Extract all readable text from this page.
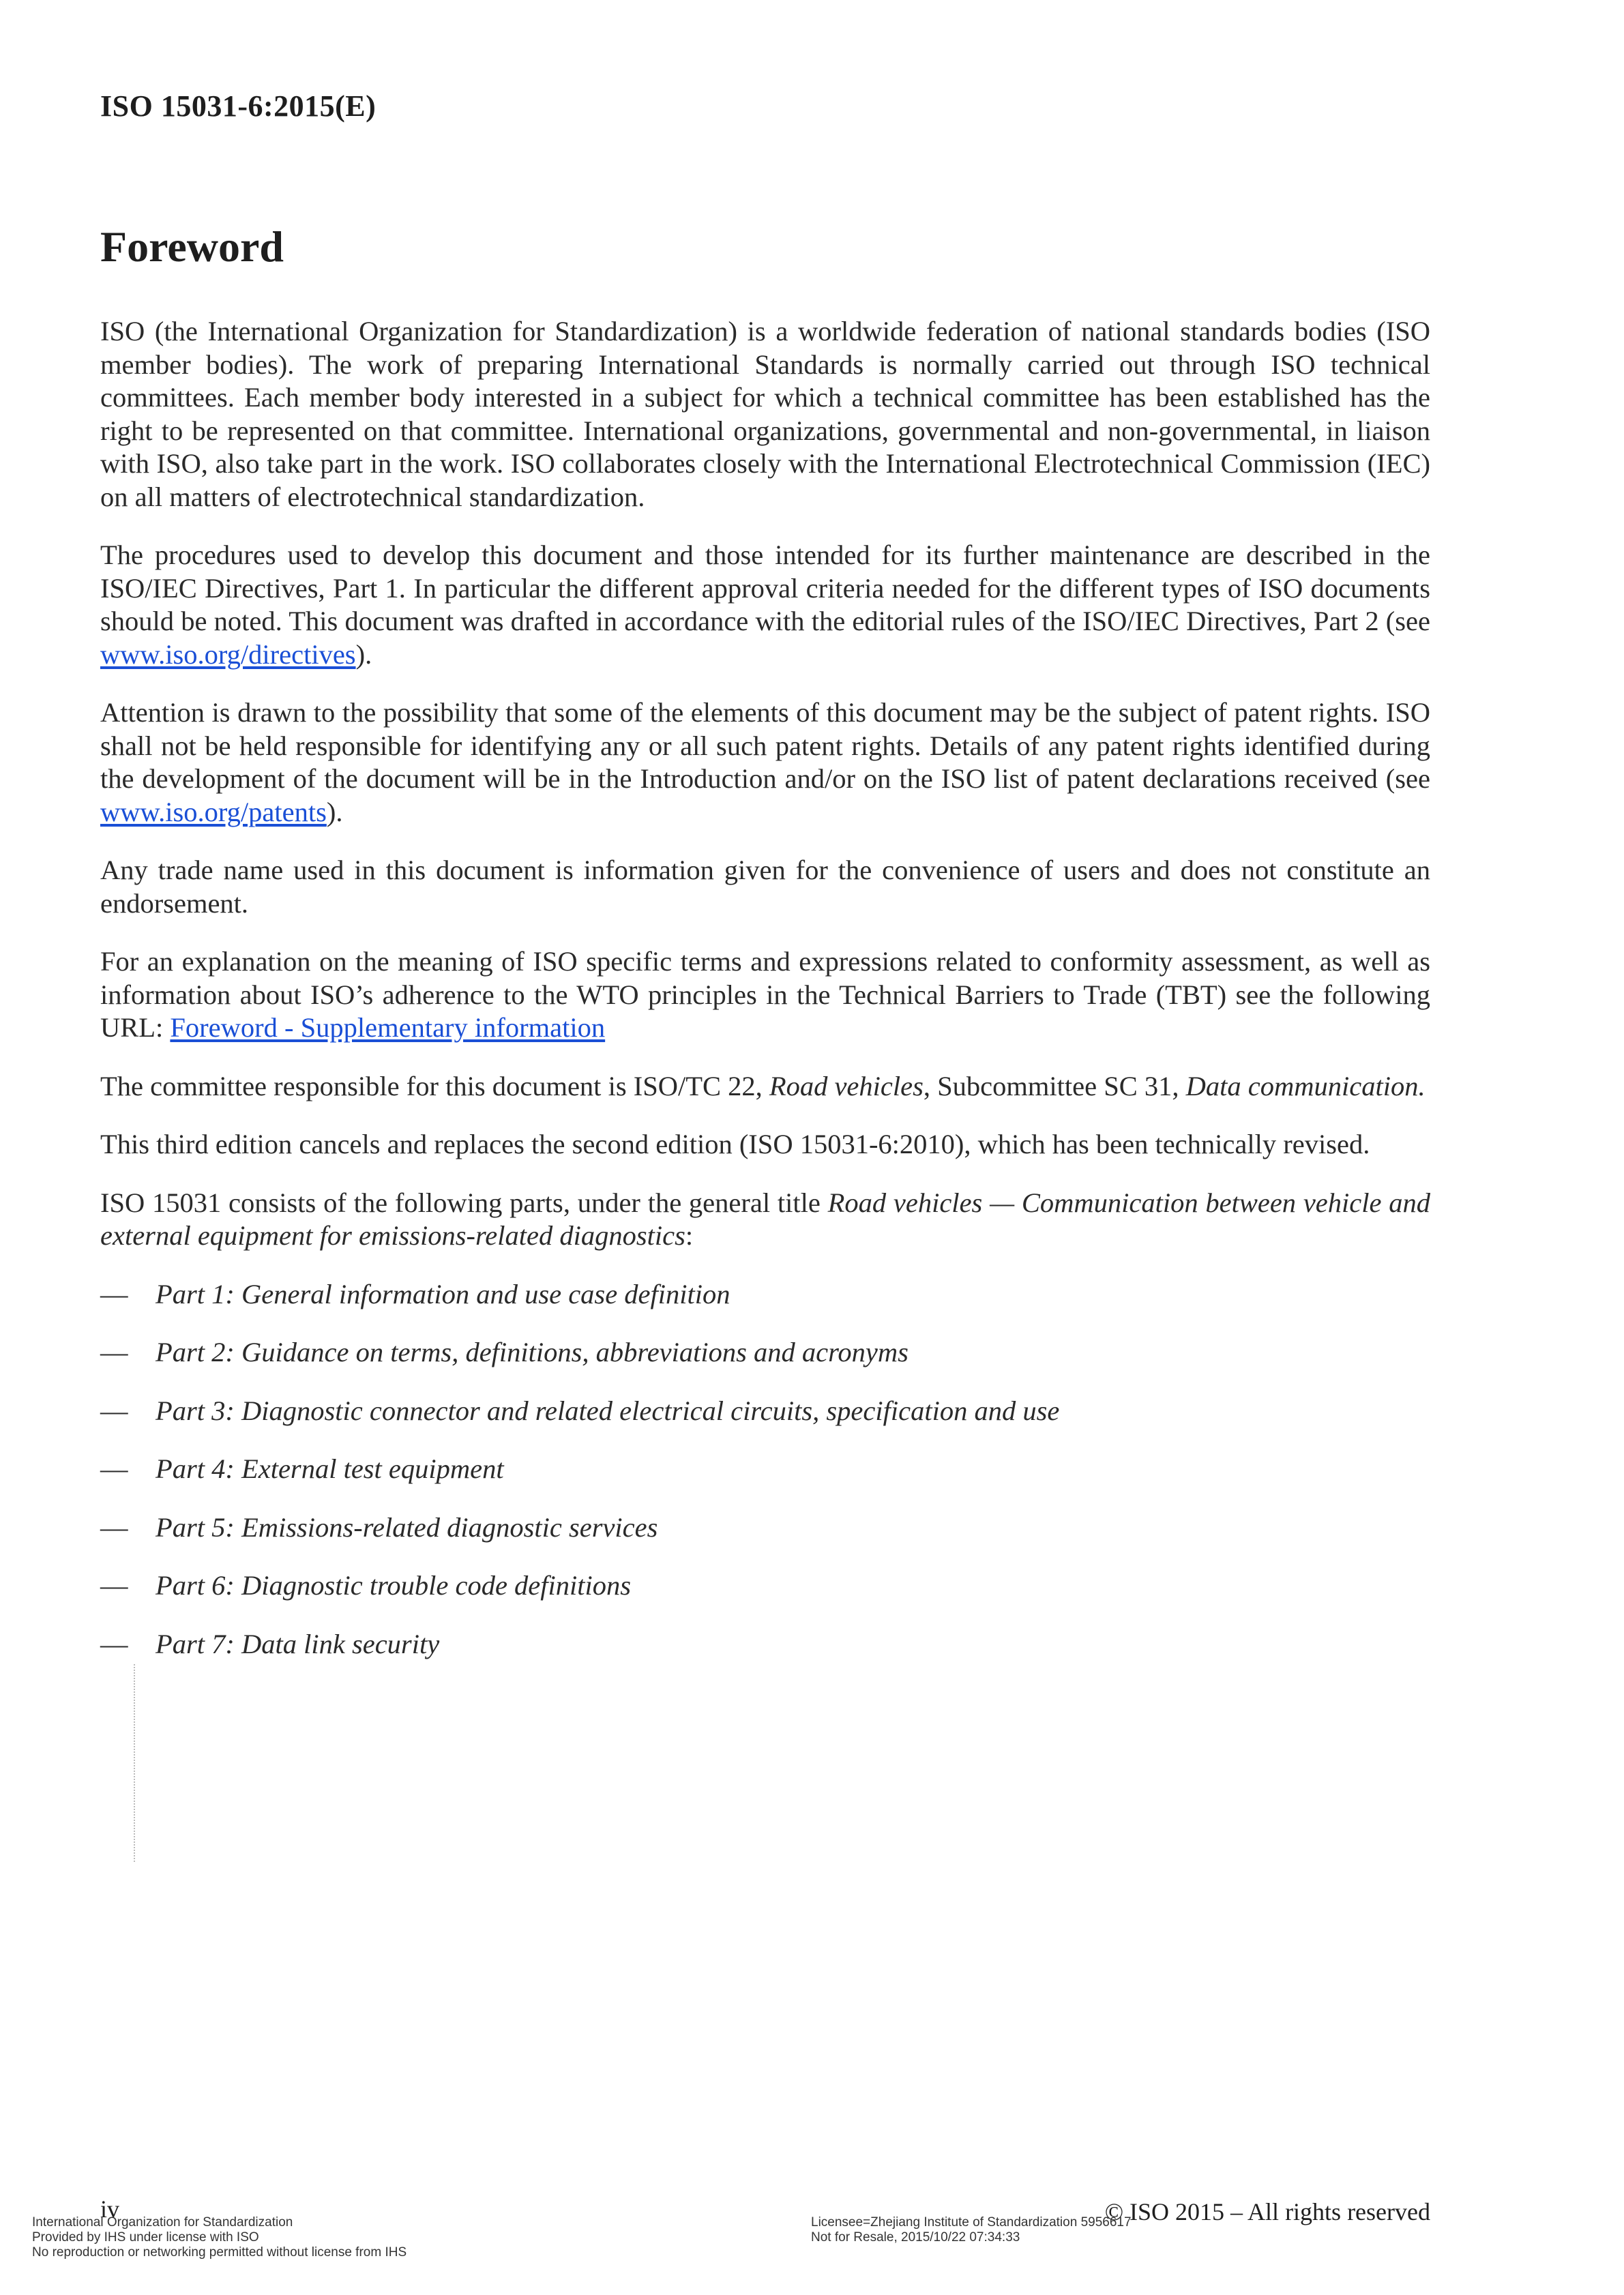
ISO 15031-6:2015(E)
Foreword

ISO (the International Organization for Standardization) is a worldwide federation of national standards bodies (ISO member bodies). The work of preparing International Standards is normally carried out through ISO technical committees. Each member body interested in a subject for which a technical committee has been established has the right to be represented on that committee. International organizations, governmental and non-governmental, in liaison with ISO, also take part in the work. ISO collaborates closely with the International Electrotechnical Commission (IEC) on all matters of electrotechnical standardization.

The procedures used to develop this document and those intended for its further maintenance are described in the ISO/IEC Directives, Part 1. In particular the different approval criteria needed for the different types of ISO documents should be noted. This document was drafted in accordance with the editorial rules of the ISO/IEC Directives, Part 2 (see www.iso.org/directives).

Attention is drawn to the possibility that some of the elements of this document may be the subject of patent rights. ISO shall not be held responsible for identifying any or all such patent rights. Details of any patent rights identified during the development of the document will be in the Introduction and/or on the ISO list of patent declarations received (see www.iso.org/patents).

Any trade name used in this document is information given for the convenience of users and does not constitute an endorsement.

For an explanation on the meaning of ISO specific terms and expressions related to conformity assessment, as well as information about ISO’s adherence to the WTO principles in the Technical Barriers to Trade (TBT) see the following URL: Foreword - Supplementary information

The committee responsible for this document is ISO/TC 22, Road vehicles, Subcommittee SC 31, Data communication.

This third edition cancels and replaces the second edition (ISO 15031-6:2010), which has been technically revised.

ISO 15031 consists of the following parts, under the general title Road vehicles — Communication between vehicle and external equipment for emissions-related diagnostics:

—	Part 1: General information and use case definition
—	Part 2: Guidance on terms, definitions, abbreviations and acronyms
—	Part 3: Diagnostic connector and related electrical circuits, specification and use
—	Part 4: External test equipment
—	Part 5: Emissions-related diagnostic services
—	Part 6: Diagnostic trouble code definitions
—	Part 7: Data link security
iv	© ISO 2015 – All rights reserved
International Organization for Standardization
Provided by IHS under license with ISO
No reproduction or networking permitted without license from IHS
Licensee=Zhejiang Institute of Standardization 5956617
Not for Resale, 2015/10/22 07:34:33
